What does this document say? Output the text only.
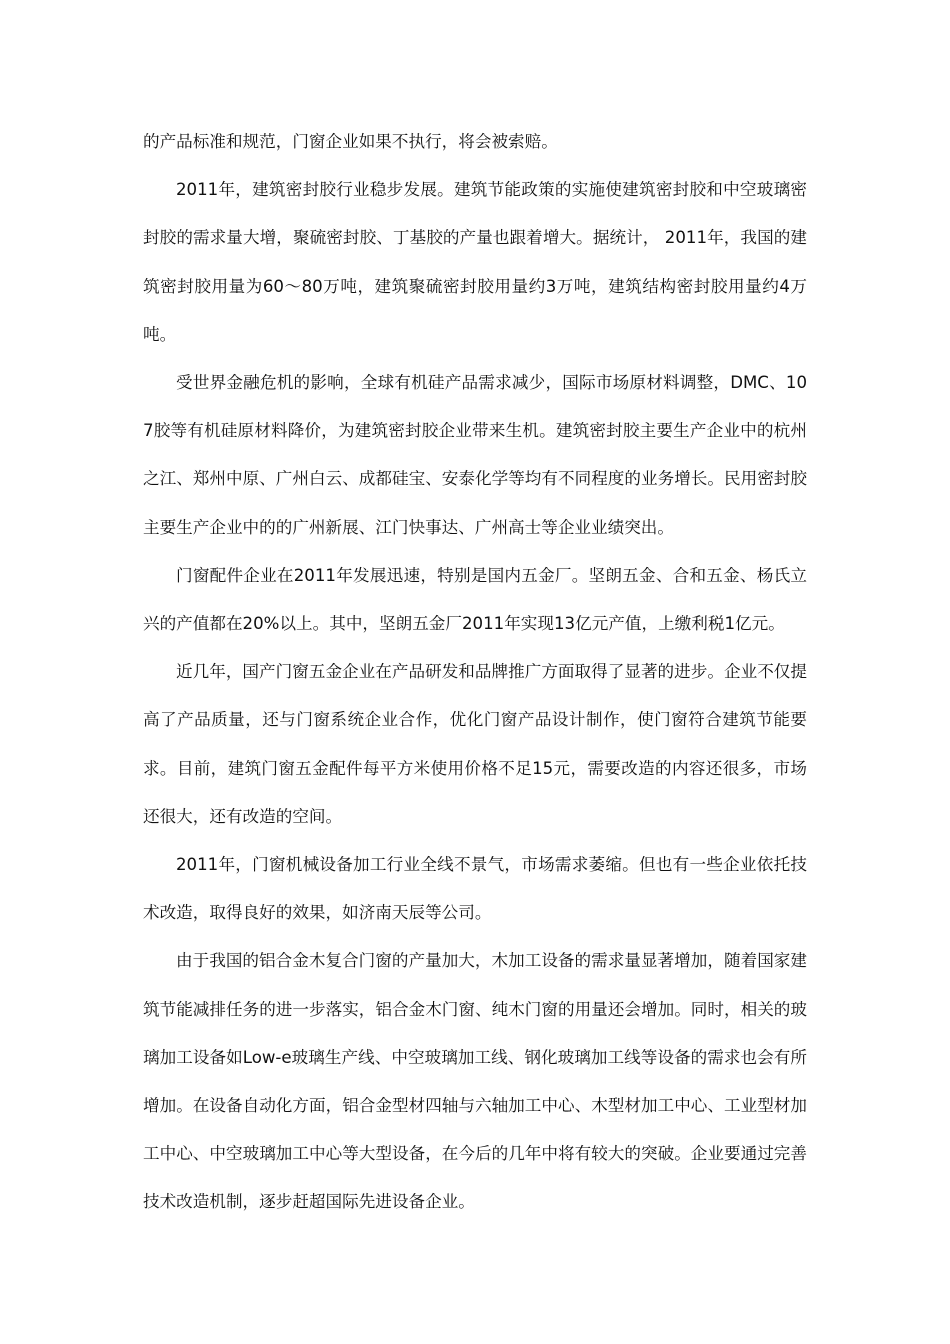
的产品标准和规范，门窗企业如果不执行，将会被索赔。

2011年，建筑密封胶行业稳步发展。建筑节能政策的实施使建筑密封胶和中空玻璃密封胶的需求量大增，聚硫密封胶、丁基胶的产量也跟着增大。据统计， 2011年，我国的建筑密封胶用量为60～80万吨，建筑聚硫密封胶用量约3万吨，建筑结构密封胶用量约4万吨。

受世界金融危机的影响，全球有机硅产品需求减少，国际市场原材料调整，DMC、107胶等有机硅原材料降价，为建筑密封胶企业带来生机。建筑密封胶主要生产企业中的杭州之江、郑州中原、广州白云、成都硅宝、安泰化学等均有不同程度的业务增长。民用密封胶主要生产企业中的的广州新展、江门快事达、广州高士等企业业绩突出。

门窗配件企业在2011年发展迅速，特别是国内五金厂。坚朗五金、合和五金、杨氏立兴的产值都在20%以上。其中，坚朗五金厂2011年实现13亿元产值，上缴利税1亿元。

近几年，国产门窗五金企业在产品研发和品牌推广方面取得了显著的进步。企业不仅提高了产品质量，还与门窗系统企业合作，优化门窗产品设计制作，使门窗符合建筑节能要求。目前，建筑门窗五金配件每平方米使用价格不足15元，需要改造的内容还很多，市场还很大，还有改造的空间。

2011年，门窗机械设备加工行业全线不景气，市场需求萎缩。但也有一些企业依托技术改造，取得良好的效果，如济南天辰等公司。

由于我国的铝合金木复合门窗的产量加大，木加工设备的需求量显著增加，随着国家建筑节能减排任务的进一步落实，铝合金木门窗、纯木门窗的用量还会增加。同时，相关的玻璃加工设备如Low-e玻璃生产线、中空玻璃加工线、钢化玻璃加工线等设备的需求也会有所增加。在设备自动化方面，铝合金型材四轴与六轴加工中心、木型材加工中心、工业型材加工中心、中空玻璃加工中心等大型设备，在今后的几年中将有较大的突破。企业要通过完善技术改造机制，逐步赶超国际先进设备企业。
